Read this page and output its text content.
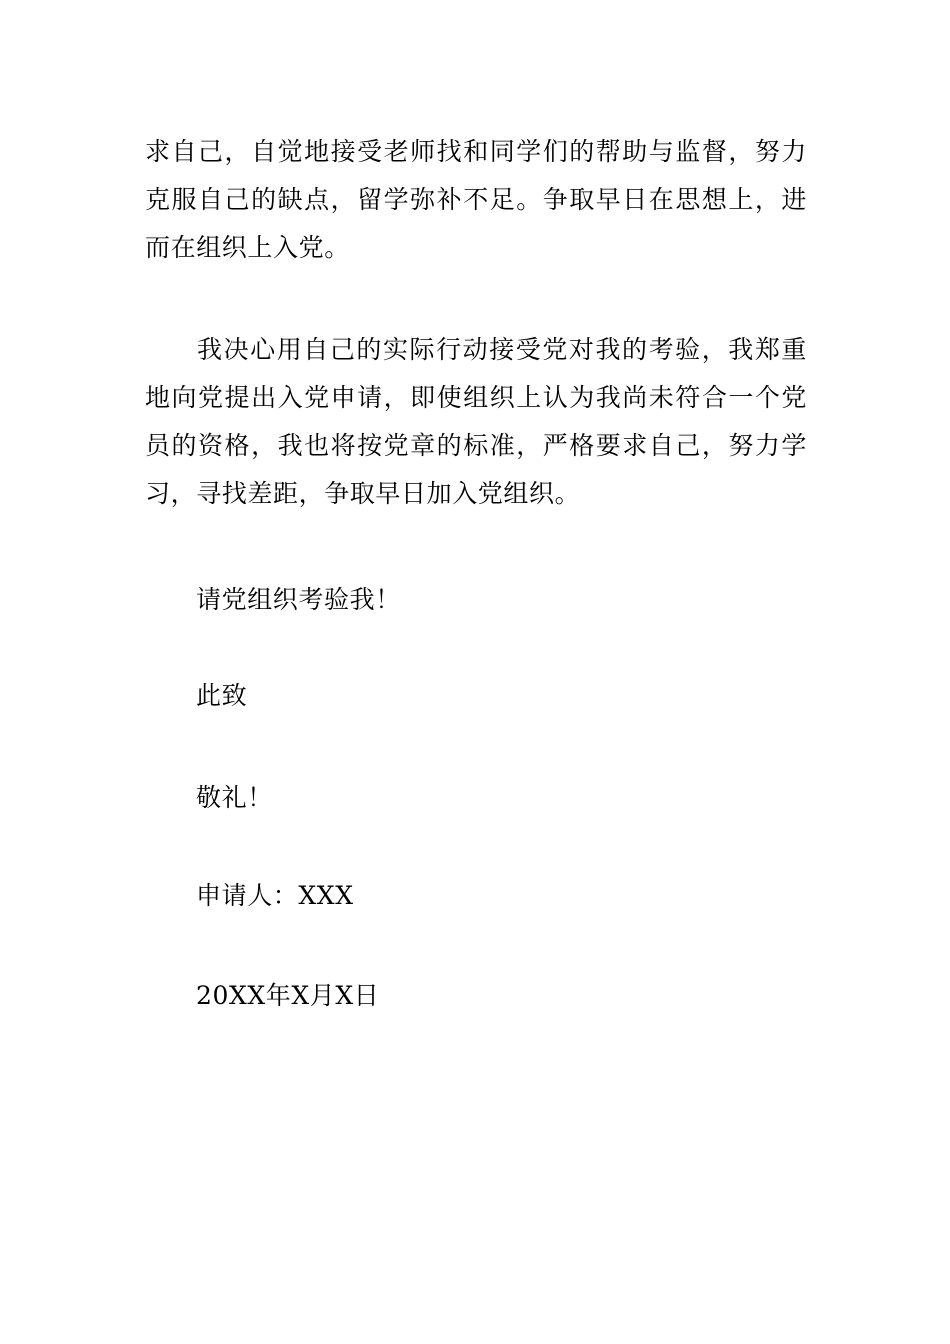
求自己，自觉地接受老师找和同学们的帮助与监督，努力克服自己的缺点，留学弥补不足。争取早日在思想上，进而在组织上入党。

我决心用自己的实际行动接受党对我的考验，我郑重地向党提出入党申请，即使组织上认为我尚未符合一个党员的资格，我也将按党章的标准，严格要求自己，努力学习，寻找差距，争取早日加入党组织。

请党组织考验我！

此致

敬礼！

申请人：XXX

20XX年X月X日
